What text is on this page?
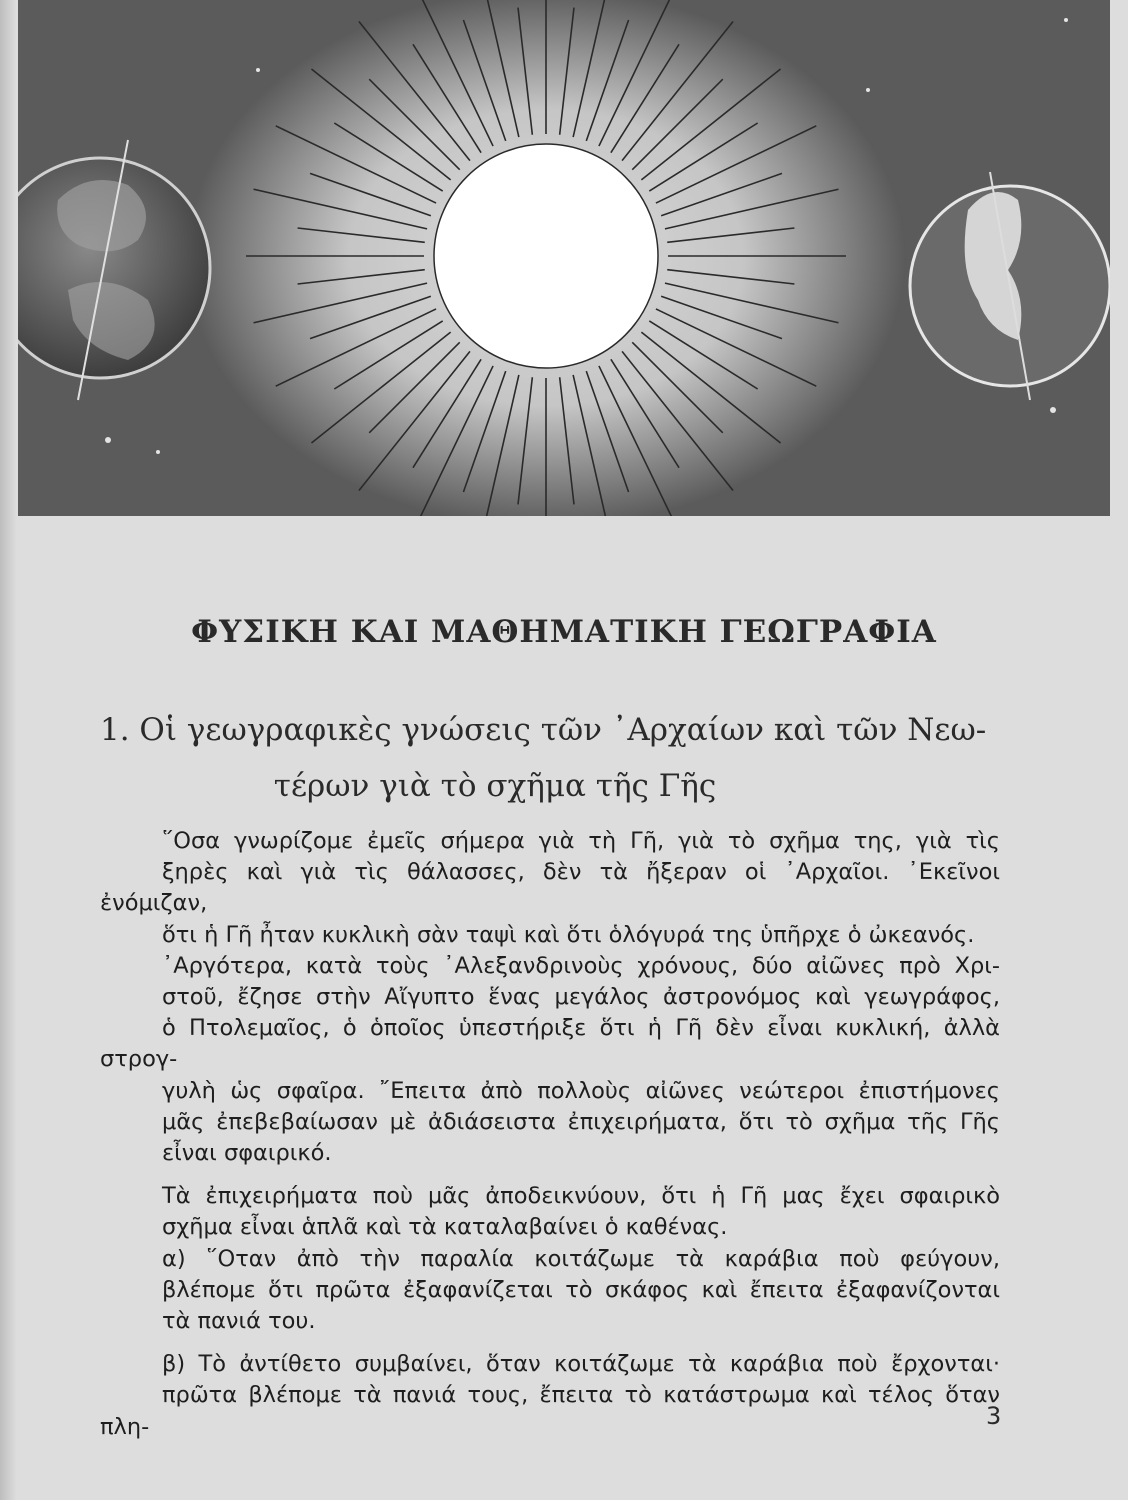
ΦΥΣΙΚΗ ΚΑΙ ΜΑΘΗΜΑΤΙΚΗ ΓΕΩΓΡΑΦΙΑ
1. Οἱ γεωγραφικὲς γνώσεις τῶν ᾿Αρχαίων καὶ τῶν Νεω-
τέρων γιὰ τὸ σχῆμα τῆς Γῆς

῞Οσα γνωρίζομε ἐμεῖς σήμερα γιὰ τὴ Γῆ, γιὰ τὸ σχῆμα της, γιὰ τὶς
ξηρὲς καὶ γιὰ τὶς θάλασσες, δὲν τὰ ἤξεραν οἱ ᾿Αρχαῖοι. ᾿Εκεῖνοι ἐνόμιζαν,
ὅτι ἡ Γῆ ἦταν κυκλικὴ σὰν ταψὶ καὶ ὅτι ὁλόγυρά της ὑπῆρχε ὁ ὠκεανός.

᾿Αργότερα, κατὰ τοὺς ᾿Αλεξανδρινοὺς χρόνους, δύο αἰῶνες πρὸ Χρι-
στοῦ, ἔζησε στὴν Αἴγυπτο ἕνας μεγάλος ἀστρονόμος καὶ γεωγράφος,
ὁ Πτολεμαῖος, ὁ ὁποῖος ὑπεστήριξε ὅτι ἡ Γῆ δὲν εἶναι κυκλική, ἀλλὰ στρογ-
γυλὴ ὡς σφαῖρα. ῎Επειτα ἀπὸ πολλοὺς αἰῶνες νεώτεροι ἐπιστήμονες
μᾶς ἐπεβεβαίωσαν μὲ ἀδιάσειστα ἐπιχειρήματα, ὅτι τὸ σχῆμα τῆς Γῆς
εἶναι σφαιρικό.

Τὰ ἐπιχειρήματα ποὺ μᾶς ἀποδεικνύουν, ὅτι ἡ Γῆ μας ἔχει σφαιρικὸ
σχῆμα εἶναι ἁπλᾶ καὶ τὰ καταλαβαίνει ὁ καθένας.

α) ῞Οταν ἀπὸ τὴν παραλία κοιτάζωμε τὰ καράβια ποὺ φεύγουν,
βλέπομε ὅτι πρῶτα ἐξαφανίζεται τὸ σκάφος καὶ ἔπειτα ἐξαφανίζονται
τὰ πανιά του.

β) Τὸ ἀντίθετο συμβαίνει, ὅταν κοιτάζωμε τὰ καράβια ποὺ ἔρχονται·
πρῶτα βλέπομε τὰ πανιά τους, ἔπειτα τὸ κατάστρωμα καὶ τέλος ὅταν πλη-	3
